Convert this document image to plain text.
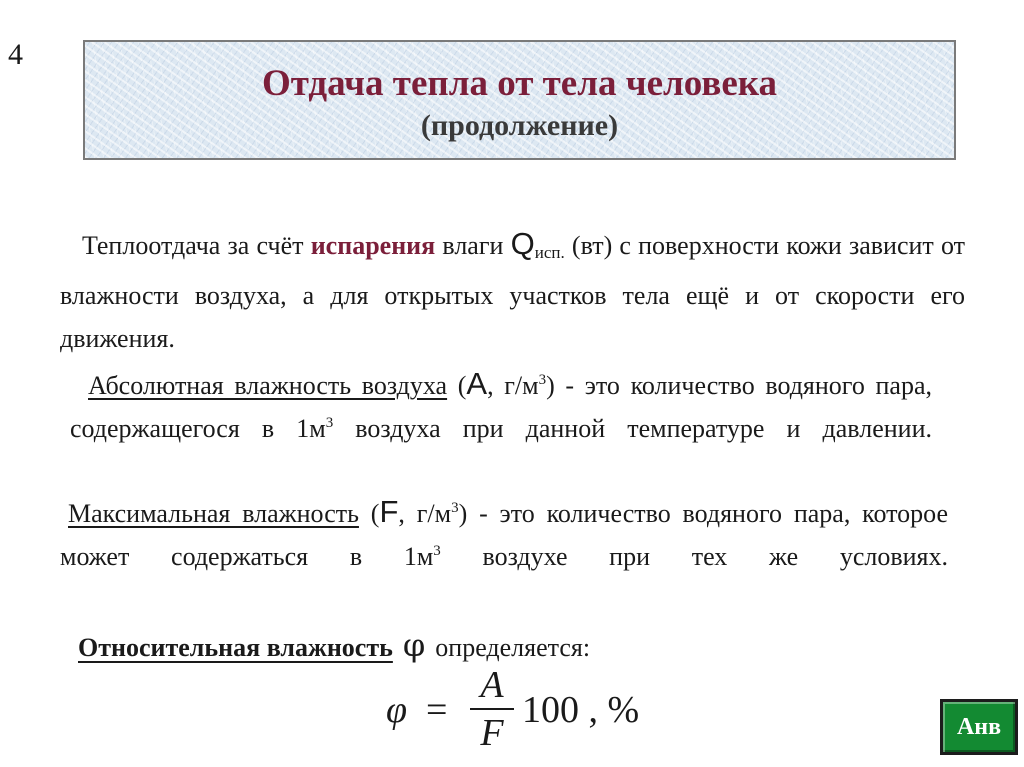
4
Отдача тепла от тела человека
(продолжение)
Теплоотдача за счёт испарения влаги $Q_{исп.}$ (вт) с поверхности кожи зависит от влажности воздуха, а для открытых участков тела ещё и от скорости его движения.
Абсолютная влажность воздуха (A, $г/м^3$) - это количество водяного пара, содержащегося в $1м^3$ воздуха при данной температуре и давлении.
Максимальная влажность (F, $г/м^3$) - это количество водяного пара, которое может содержаться в $1м^3$ воздухе при тех же условиях.
Относительная влажность φ определяется:
φ =
A
F
100 , %	Анв
